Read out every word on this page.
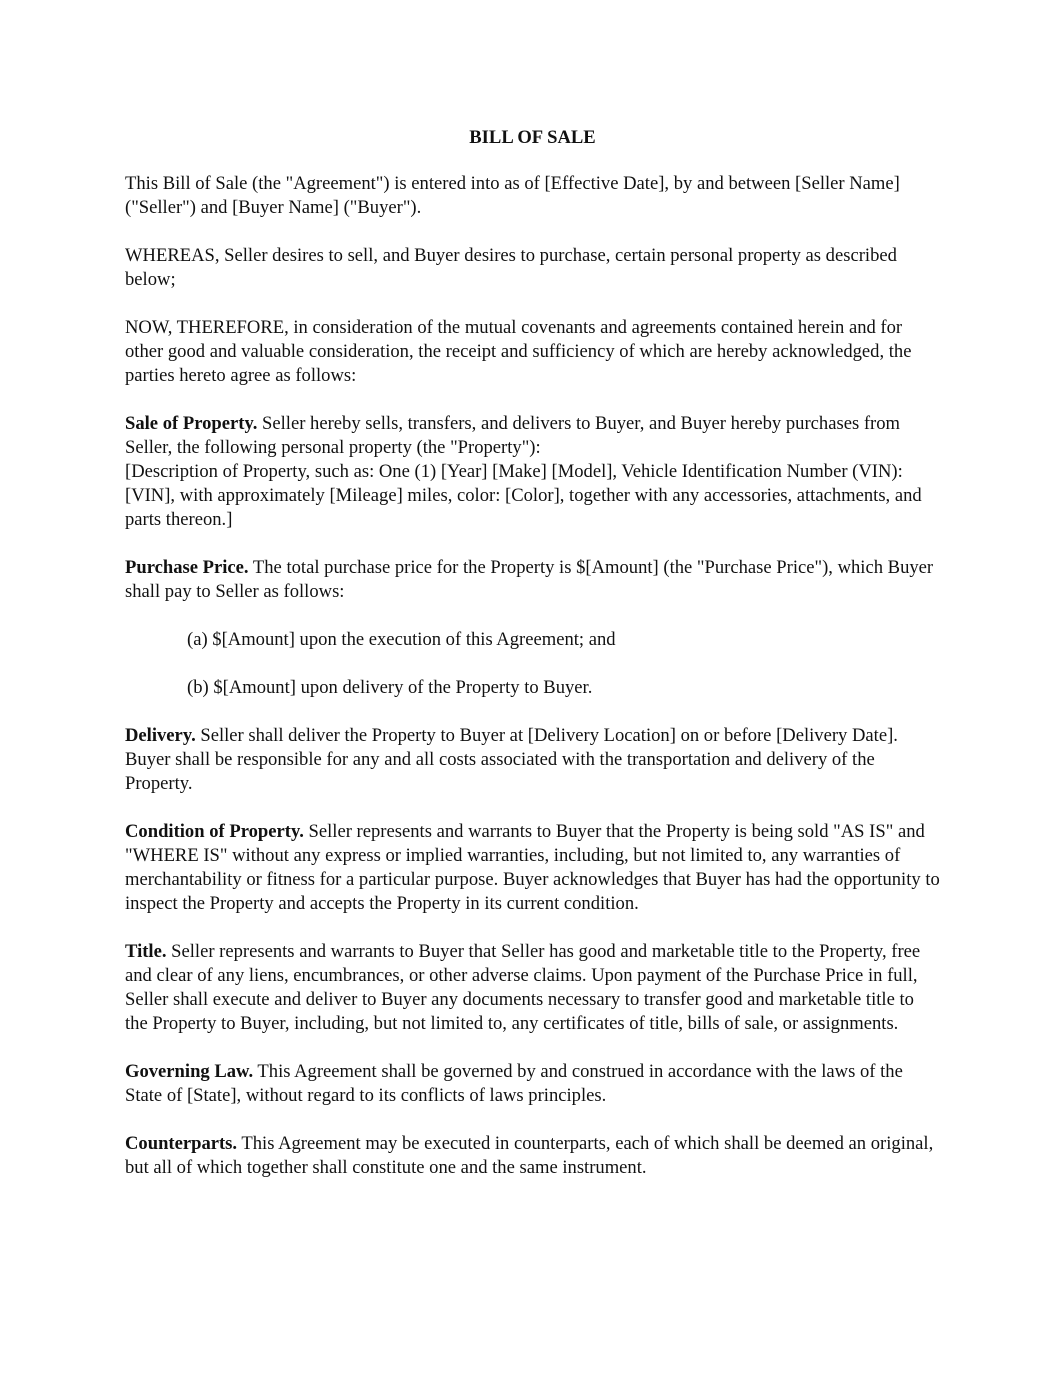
BILL OF SALE

This Bill of Sale (the "Agreement") is entered into as of [Effective Date], by and between [Seller Name] ("Seller") and [Buyer Name] ("Buyer").

WHEREAS, Seller desires to sell, and Buyer desires to purchase, certain personal property as described below;

NOW, THEREFORE, in consideration of the mutual covenants and agreements contained herein and for other good and valuable consideration, the receipt and sufficiency of which are hereby acknowledged, the parties hereto agree as follows:

Sale of Property. Seller hereby sells, transfers, and delivers to Buyer, and Buyer hereby purchases from Seller, the following personal property (the "Property"):
[Description of Property, such as: One (1) [Year] [Make] [Model], Vehicle Identification Number (VIN): [VIN], with approximately [Mileage] miles, color: [Color], together with any accessories, attachments, and parts thereon.]

Purchase Price. The total purchase price for the Property is $[Amount] (the "Purchase Price"), which Buyer shall pay to Seller as follows:

(a) $[Amount] upon the execution of this Agreement; and

(b) $[Amount] upon delivery of the Property to Buyer.

Delivery. Seller shall deliver the Property to Buyer at [Delivery Location] on or before [Delivery Date]. Buyer shall be responsible for any and all costs associated with the transportation and delivery of the Property.

Condition of Property. Seller represents and warrants to Buyer that the Property is being sold "AS IS" and "WHERE IS" without any express or implied warranties, including, but not limited to, any warranties of merchantability or fitness for a particular purpose. Buyer acknowledges that Buyer has had the opportunity to inspect the Property and accepts the Property in its current condition.

Title. Seller represents and warrants to Buyer that Seller has good and marketable title to the Property, free and clear of any liens, encumbrances, or other adverse claims. Upon payment of the Purchase Price in full, Seller shall execute and deliver to Buyer any documents necessary to transfer good and marketable title to the Property to Buyer, including, but not limited to, any certificates of title, bills of sale, or assignments.

Governing Law. This Agreement shall be governed by and construed in accordance with the laws of the State of [State], without regard to its conflicts of laws principles.

Counterparts. This Agreement may be executed in counterparts, each of which shall be deemed an original, but all of which together shall constitute one and the same instrument.
